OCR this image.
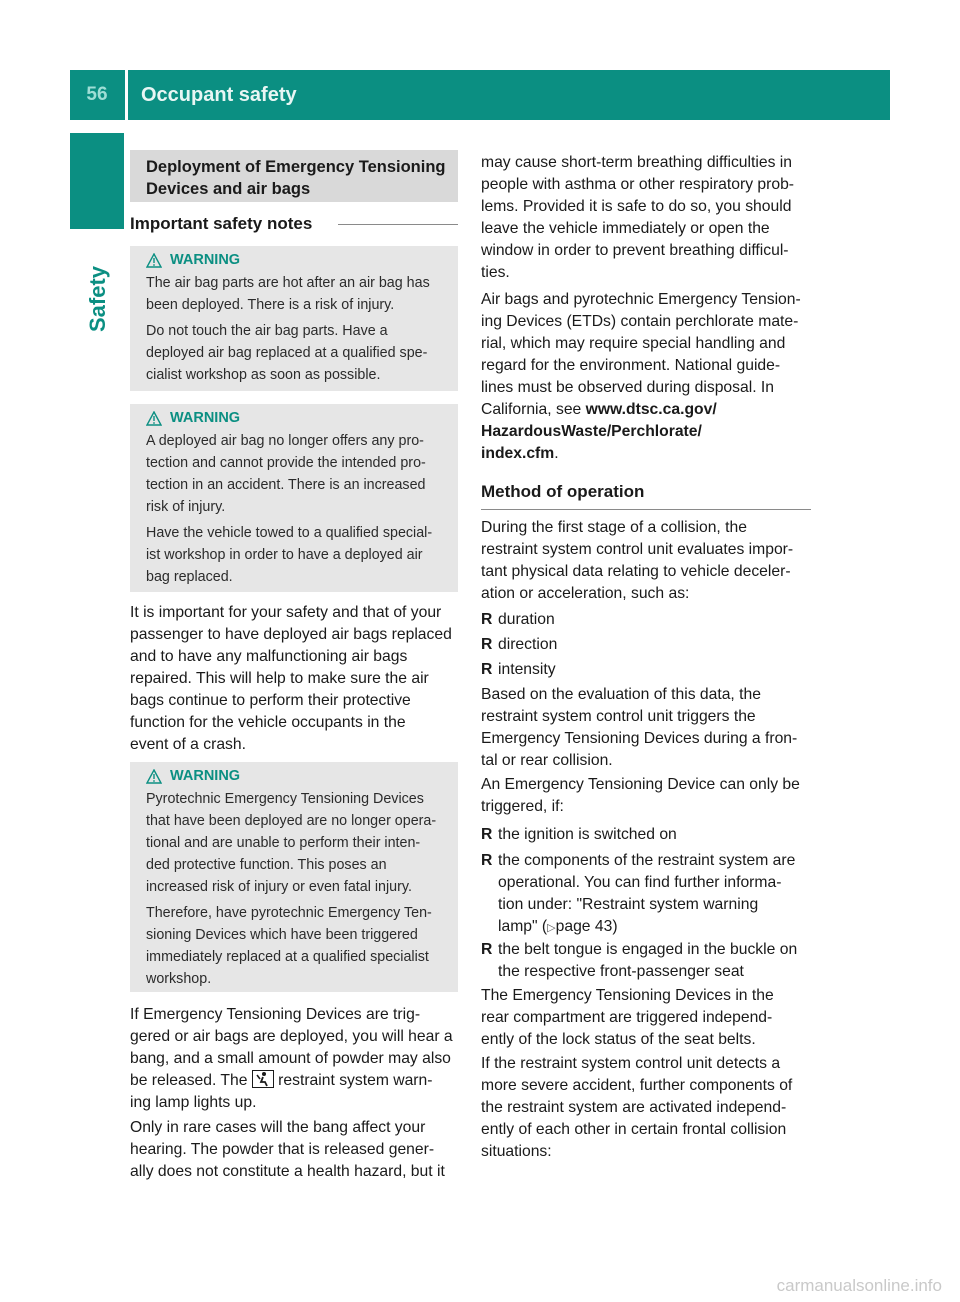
56	Occupant safety
Safety
Deployment of Emergency Tensioning Devices and air bags
Important safety notes
WARNING
The air bag parts are hot after an air bag has
been deployed. There is a risk of injury.
Do not touch the air bag parts. Have a
deployed air bag replaced at a qualified spe-
cialist workshop as soon as possible.
WARNING
A deployed air bag no longer offers any pro-
tection and cannot provide the intended pro-
tection in an accident. There is an increased
risk of injury.
Have the vehicle towed to a qualified special-
ist workshop in order to have a deployed air
bag replaced.
It is important for your safety and that of your
passenger to have deployed air bags replaced
and to have any malfunctioning air bags
repaired. This will help to make sure the air
bags continue to perform their protective
function for the vehicle occupants in the
event of a crash.
WARNING
Pyrotechnic Emergency Tensioning Devices
that have been deployed are no longer opera-
tional and are unable to perform their inten-
ded protective function. This poses an
increased risk of injury or even fatal injury.
Therefore, have pyrotechnic Emergency Ten-
sioning Devices which have been triggered
immediately replaced at a qualified specialist
workshop.
If Emergency Tensioning Devices are trig-
gered or air bags are deployed, you will hear a
bang, and a small amount of powder may also
be released. The restraint system warn-
ing lamp lights up.
Only in rare cases will the bang affect your
hearing. The powder that is released gener-
ally does not constitute a health hazard, but it
may cause short-term breathing difficulties in
people with asthma or other respiratory prob-
lems. Provided it is safe to do so, you should
leave the vehicle immediately or open the
window in order to prevent breathing difficul-
ties.
Air bags and pyrotechnic Emergency Tension-
ing Devices (ETDs) contain perchlorate mate-
rial, which may require special handling and
regard for the environment. National guide-
lines must be observed during disposal. In
California, see www.dtsc.ca.gov/
HazardousWaste/Perchlorate/
index.cfm.
Method of operation
During the first stage of a collision, the
restraint system control unit evaluates impor-
tant physical data relating to vehicle deceler-
ation or acceleration, such as:
R duration
R direction
R intensity
Based on the evaluation of this data, the
restraint system control unit triggers the
Emergency Tensioning Devices during a fron-
tal or rear collision.
An Emergency Tensioning Device can only be
triggered, if:
R the ignition is switched on
R the components of the restraint system are
operational. You can find further informa-
tion under: "Restraint system warning
lamp" (▷page 43)
R the belt tongue is engaged in the buckle on
the respective front-passenger seat
The Emergency Tensioning Devices in the
rear compartment are triggered independ-
ently of the lock status of the seat belts.
If the restraint system control unit detects a
more severe accident, further components of
the restraint system are activated independ-
ently of each other in certain frontal collision
situations:
carmanualsonline.info
